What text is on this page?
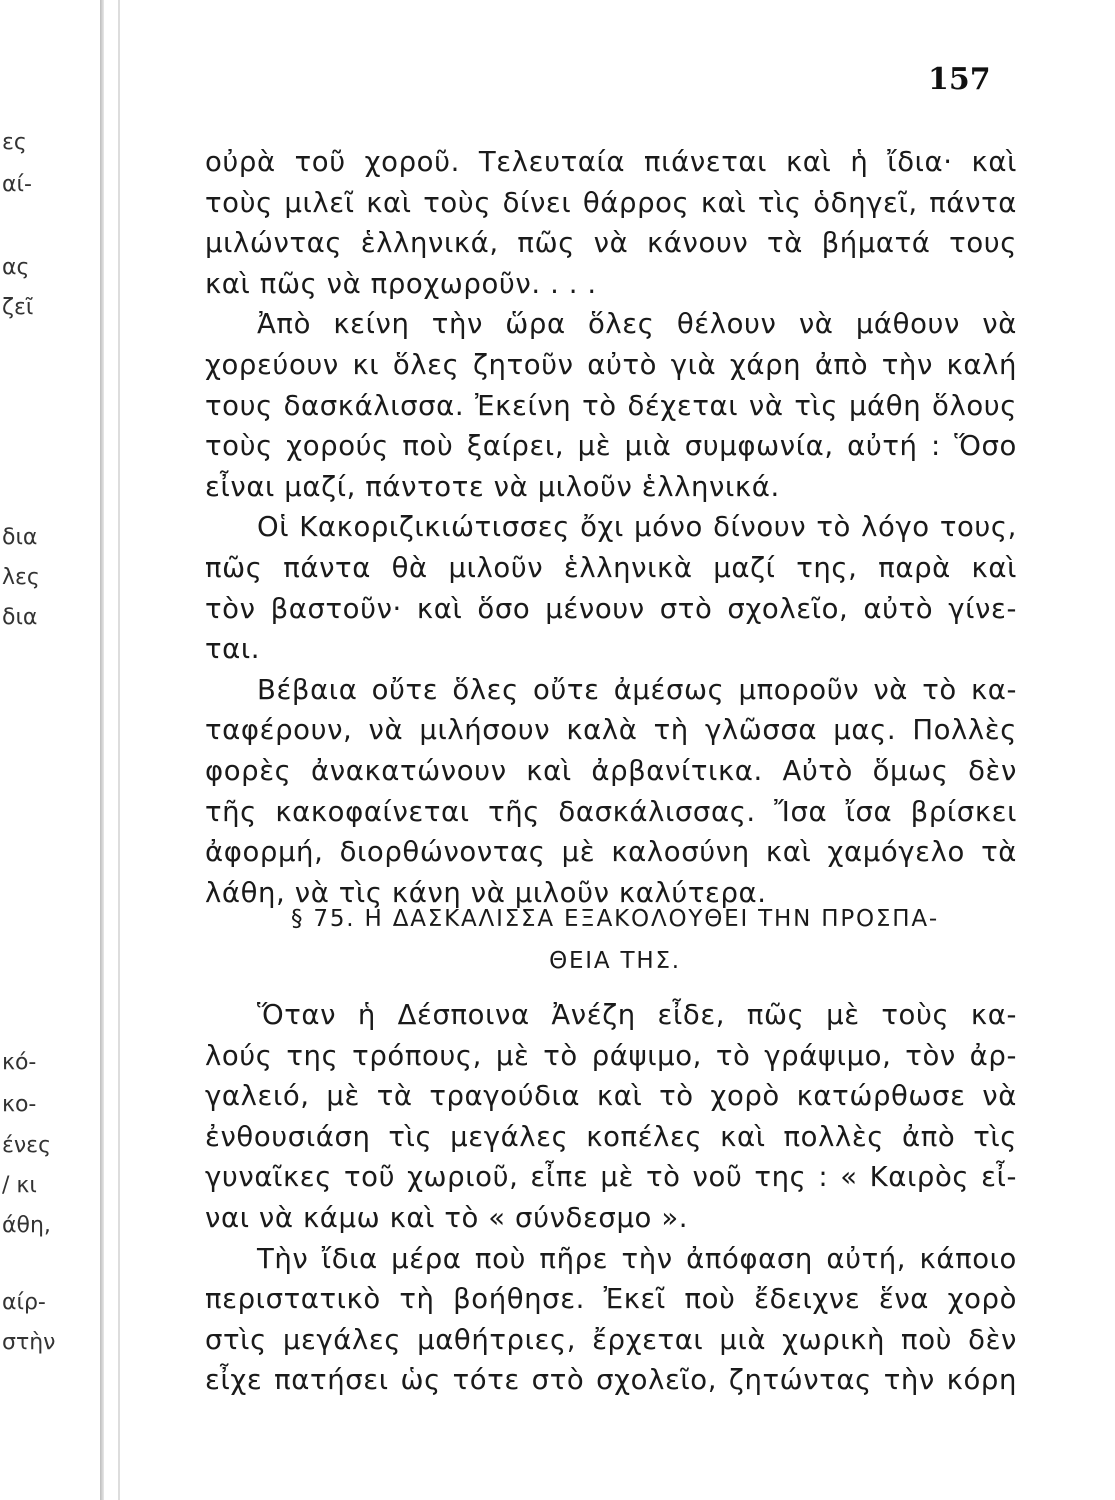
ες
αί-
ας
ζεῖ
δια
λες
δια
κό-
κο-
ένες
/ κι
άθη,
αίρ-
στὴν
157
οὐρὰ τοῦ χοροῦ. Τελευταία πιάνεται καὶ ἡ ἴδια· καὶ
τοὺς μιλεῖ καὶ τοὺς δίνει θάρρος καὶ τὶς ὁδηγεῖ, πάντα
μιλώντας ἑλληνικά, πῶς νὰ κάνουν τὰ βήματά τους
καὶ πῶς νὰ προχωροῦν. . . .
Ἀπὸ κείνη τὴν ὥρα ὅλες θέλουν νὰ μάθουν νὰ
χορεύουν κι ὅλες ζητοῦν αὐτὸ γιὰ χάρη ἀπὸ τὴν καλή
τους δασκάλισσα. Ἐκείνη τὸ δέχεται νὰ τὶς μάθη ὅλους
τοὺς χορούς ποὺ ξαίρει, μὲ μιὰ συμφωνία, αὐτή : Ὅσο
εἶναι μαζί, πάντοτε νὰ μιλοῦν ἑλληνικά.
Οἱ Κακοριζικιώτισσες ὄχι μόνο δίνουν τὸ λόγο τους,
πῶς πάντα θὰ μιλοῦν ἑλληνικὰ μαζί της, παρὰ καὶ
τὸν βαστοῦν· καὶ ὅσο μένουν στὸ σχολεῖο, αὐτὸ γίνε-
ται.
Βέβαια οὔτε ὅλες οὔτε ἀμέσως μποροῦν νὰ τὸ κα-
ταφέρουν, νὰ μιλήσουν καλὰ τὴ γλῶσσα μας. Πολλὲς
φορὲς ἀνακατώνουν καὶ ἀρβανίτικα. Αὐτὸ ὅμως δὲν
τῆς κακοφαίνεται τῆς δασκάλισσας. Ἴσα ἴσα βρίσκει
ἀφορμή, διορθώνοντας μὲ καλοσύνη καὶ χαμόγελο τὰ
λάθη, νὰ τὶς κάνη νὰ μιλοῦν καλύτερα.
§ 75. Η ΔΑΣΚΑΛΙΣΣΑ ΕΞΑΚΟΛΟΥΘΕΙ ΤΗΝ ΠΡΟΣΠΑ-
ΘΕΙΑ ΤΗΣ.
Ὅταν ἡ Δέσποινα Ἀνέζη εἶδε, πῶς μὲ τοὺς κα-
λούς της τρόπους, μὲ τὸ ράψιμο, τὸ γράψιμο, τὸν ἀρ-
γαλειό, μὲ τὰ τραγούδια καὶ τὸ χορὸ κατώρθωσε νὰ
ἐνθουσιάση τὶς μεγάλες κοπέλες καὶ πολλὲς ἀπὸ τὶς
γυναῖκες τοῦ χωριοῦ, εἶπε μὲ τὸ νοῦ της : « Καιρὸς εἶ-
ναι νὰ κάμω καὶ τὸ « σύνδεσμο ».
Τὴν ἴδια μέρα ποὺ πῆρε τὴν ἀπόφαση αὐτή, κάποιο
περιστατικὸ τὴ βοήθησε. Ἐκεῖ ποὺ ἔδειχνε ἕνα χορὸ
στὶς μεγάλες μαθήτριες, ἔρχεται μιὰ χωρικὴ ποὺ δὲν
εἶχε πατήσει ὡς τότε στὸ σχολεῖο, ζητώντας τὴν κόρη
